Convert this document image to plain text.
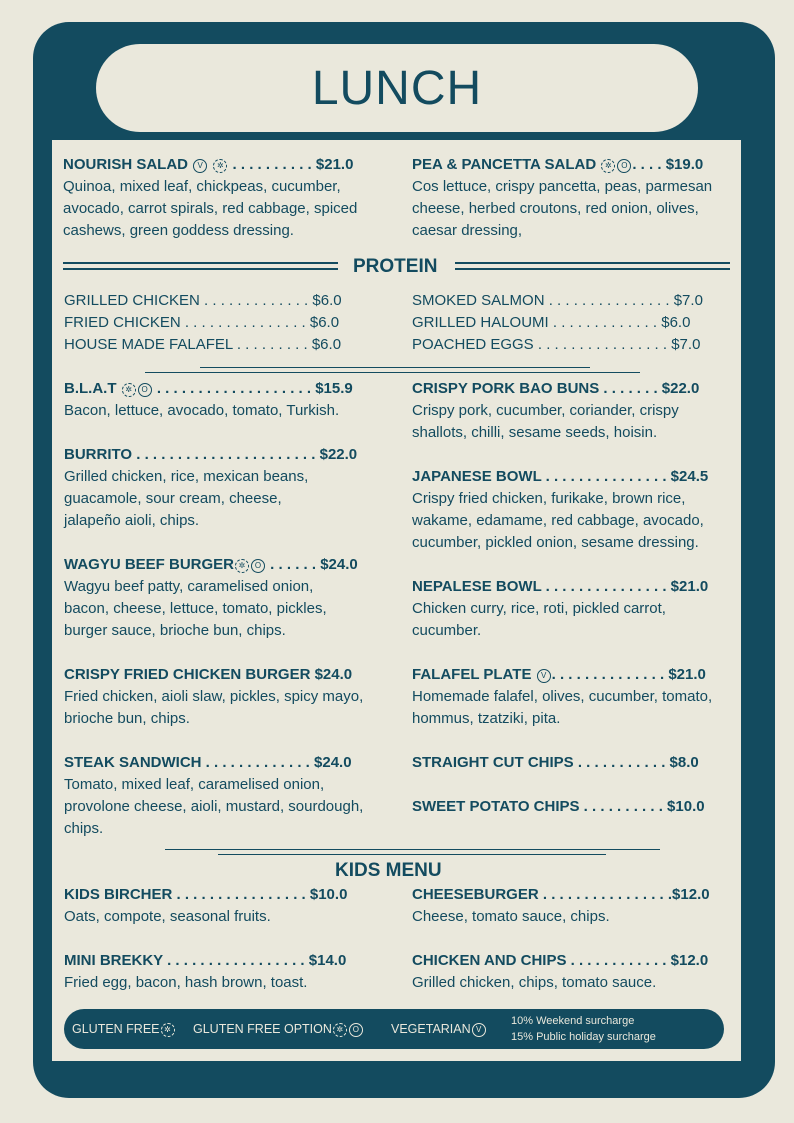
LUNCH
NOURISH SALAD V ✲ . . . . . . . . . . $21.0
Quinoa, mixed leaf, chickpeas, cucumber,
avocado, carrot spirals, red cabbage, spiced
cashews, green goddess dressing.
PEA & PANCETTA SALAD ✲ O . . . . $19.0
Cos lettuce, crispy pancetta, peas, parmesan
cheese, herbed croutons, red onion, olives,
caesar dressing,
PROTEIN
GRILLED CHICKEN . . . . . . . . . . . . . $6.0
FRIED CHICKEN . . . . . . . . . . . . . . . $6.0
HOUSE MADE FALAFEL . . . . . . . . . $6.0
SMOKED SALMON . . . . . . . . . . . . . . . $7.0
GRILLED HALOUMI . . . . . . . . . . . . . $6.0
POACHED EGGS . . . . . . . . . . . . . . . . $7.0
B.L.A.T ✲ O . . . . . . . . . . . . . . . . . . . $15.9
Bacon, lettuce, avocado, tomato, Turkish.
BURRITO . . . . . . . . . . . . . . . . . . . . . . $22.0
Grilled chicken, rice, mexican beans,
guacamole, sour cream, cheese,
jalapeño aioli, chips.
WAGYU BEEF BURGER ✲ O . . . . . . $24.0
Wagyu beef patty, caramelised onion,
bacon, cheese, lettuce, tomato, pickles,
burger sauce, brioche bun, chips.
CRISPY FRIED CHICKEN BURGER $24.0
Fried chicken, aioli slaw, pickles, spicy mayo,
brioche bun, chips.
STEAK SANDWICH . . . . . . . . . . . . . $24.0
Tomato, mixed leaf, caramelised onion,
provolone cheese, aioli, mustard, sourdough,
chips.
CRISPY PORK BAO BUNS . . . . . . . $22.0
Crispy pork, cucumber, coriander, crispy
shallots, chilli, sesame seeds, hoisin.
JAPANESE BOWL . . . . . . . . . . . . . . . $24.5
Crispy fried chicken, furikake, brown rice,
wakame, edamame, red cabbage, avocado,
cucumber, pickled onion, sesame dressing.
NEPALESE BOWL . . . . . . . . . . . . . . . $21.0
Chicken curry, rice, roti, pickled carrot,
cucumber.
FALAFEL PLATE V . . . . . . . . . . . . . . $21.0
Homemade falafel, olives, cucumber, tomato,
hommus, tzatziki, pita.
STRAIGHT CUT CHIPS . . . . . . . . . . . $8.0
SWEET POTATO CHIPS . . . . . . . . . . $10.0
KIDS MENU
KIDS BIRCHER . . . . . . . . . . . . . . . . $10.0
Oats, compote, seasonal fruits.
CHEESEBURGER . . . . . . . . . . . . . . . .$12.0
Cheese, tomato sauce, chips.
MINI BREKKY . . . . . . . . . . . . . . . . . $14.0
Fried egg, bacon, hash brown, toast.
CHICKEN AND CHIPS . . . . . . . . . . . . $12.0
Grilled chicken, chips, tomato sauce.
GLUTEN FREE ✲	GLUTEN FREE OPTION ✲ O	VEGETARIAN V
10% Weekend surcharge
15% Public holiday surcharge
